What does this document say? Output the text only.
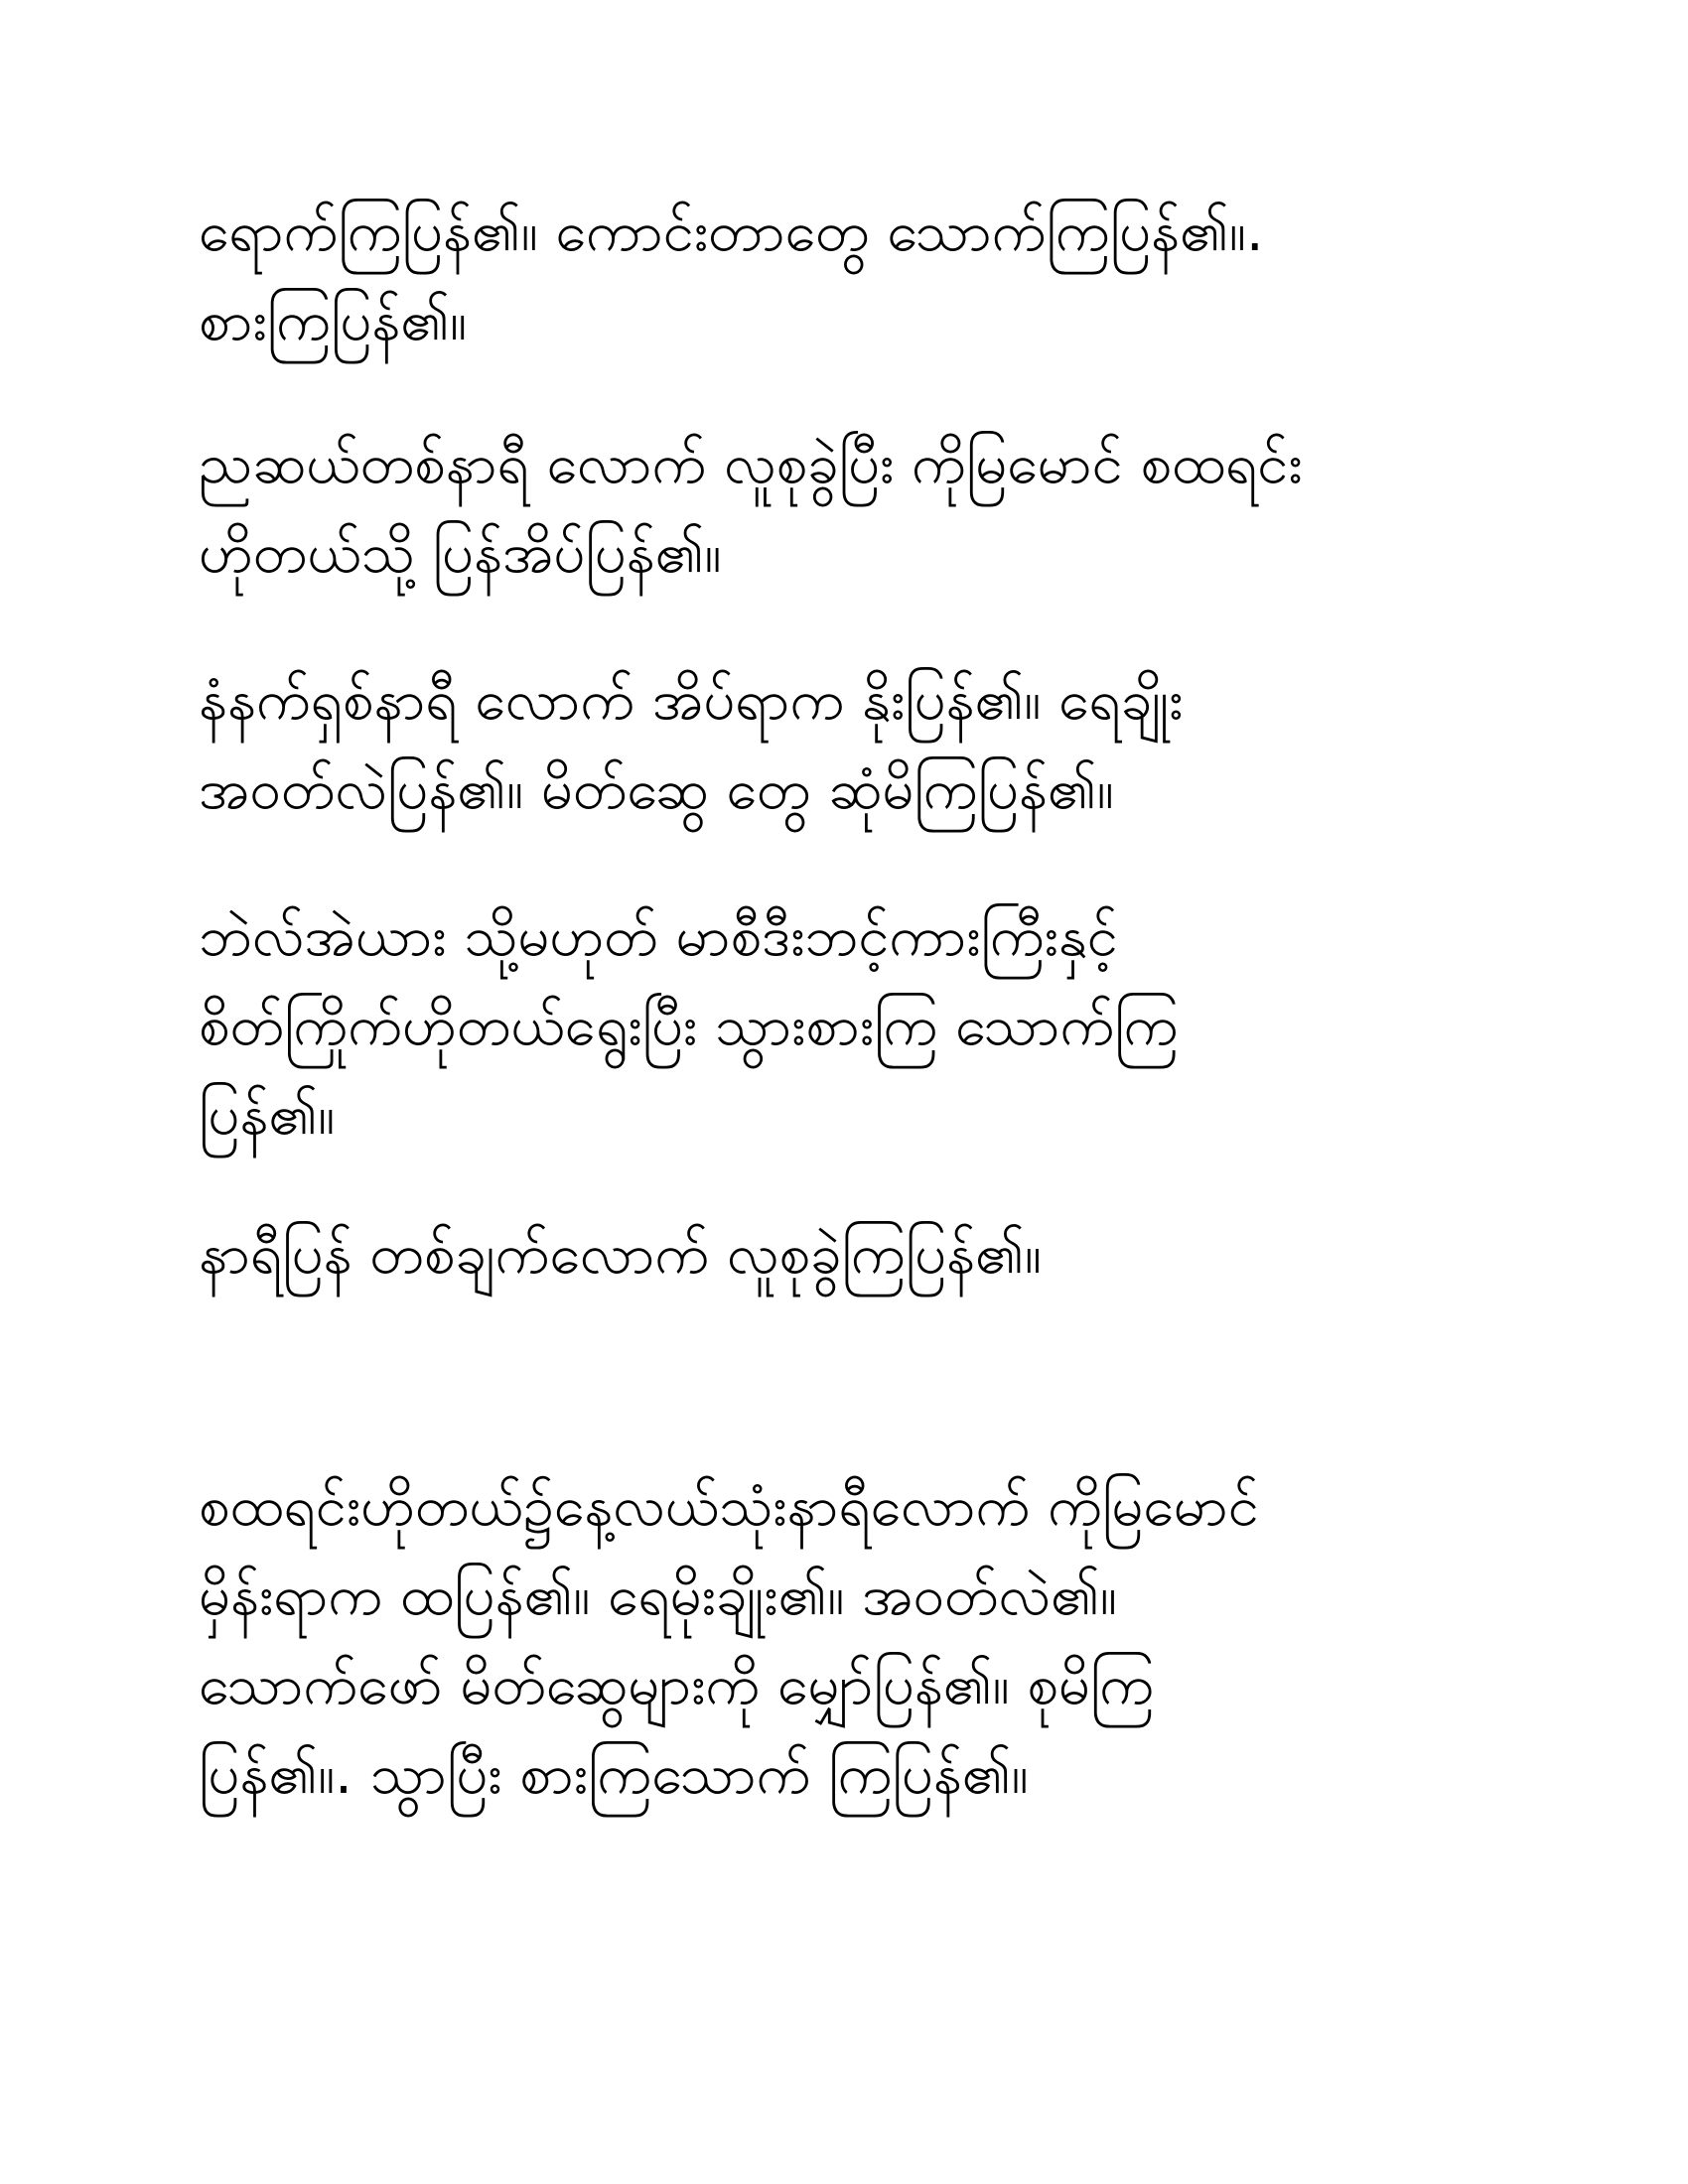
ရောက်ကြပြန်၏။ ကောင်းတာတွေ သောက်ကြပြန်၏။.
စားကြပြန်၏။
ညဆယ်တစ်နာရီ လောက် လူစုခွဲပြီး ကိုမြမောင် စထရင်း
ဟိုတယ်သို့ ပြန်အိပ်ပြန်၏။
နံနက်ရှစ်နာရီ လောက် အိပ်ရာက နိုးပြန်၏။ ရေချိုး
အဝတ်လဲပြန်၏။ မိတ်ဆွေ တွေ ဆုံမိကြပြန်၏။
ဘဲလ်အဲယား သို့မဟုတ် မာစီဒီးဘင့်ကားကြီးနှင့်
စိတ်ကြိုက်ဟိုတယ်ရွေးပြီး သွားစားကြ သောက်ကြ
ပြန်၏။
နာရီပြန် တစ်ချက်လောက် လူစုခွဲကြပြန်၏။
စထရင်းဟိုတယ်၌နေ့လယ်သုံးနာရီလောက် ကိုမြမောင်
မှိန်းရာက ထပြန်၏။ ရေမိုးချိုး၏။ အဝတ်လဲ၏။
သောက်ဖော် မိတ်ဆွေများကို မျှော်ပြန်၏။ စုမိကြ
ပြန်၏။. သွာပြီး စားကြသောက် ကြပြန်၏။
